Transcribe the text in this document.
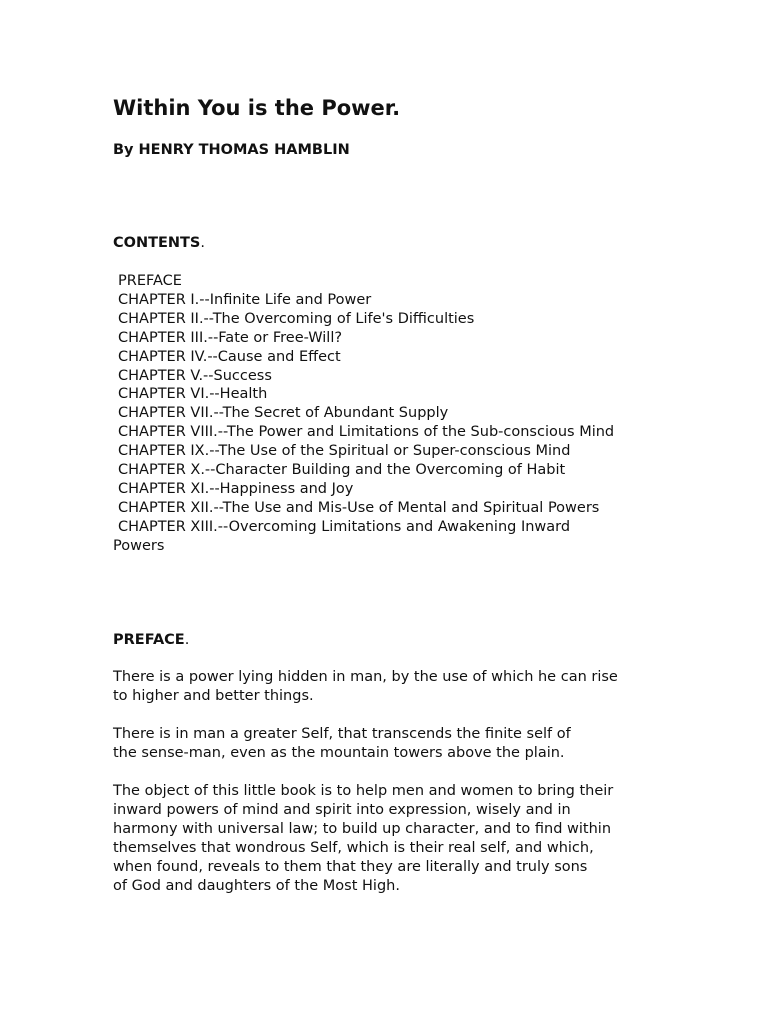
Within You is the Power.

By HENRY THOMAS HAMBLIN

CONTENTS.

PREFACE
CHAPTER I.--Infinite Life and Power
CHAPTER II.--The Overcoming of Life's Difficulties
CHAPTER III.--Fate or Free-Will?
CHAPTER IV.--Cause and Effect
CHAPTER V.--Success
CHAPTER VI.--Health
CHAPTER VII.--The Secret of Abundant Supply
CHAPTER VIII.--The Power and Limitations of the Sub-conscious Mind
CHAPTER IX.--The Use of the Spiritual or Super-conscious Mind
CHAPTER X.--Character Building and the Overcoming of Habit
CHAPTER XI.--Happiness and Joy
CHAPTER XII.--The Use and Mis-Use of Mental and Spiritual Powers
CHAPTER XIII.--Overcoming Limitations and Awakening Inward
Powers

PREFACE.

There is a power lying hidden in man, by the use of which he can rise
to higher and better things.

There is in man a greater Self, that transcends the finite self of
the sense-man, even as the mountain towers above the plain.

The object of this little book is to help men and women to bring their
inward powers of mind and spirit into expression, wisely and in
harmony with universal law; to build up character, and to find within
themselves that wondrous Self, which is their real self, and which,
when found, reveals to them that they are literally and truly sons
of God and daughters of the Most High.
